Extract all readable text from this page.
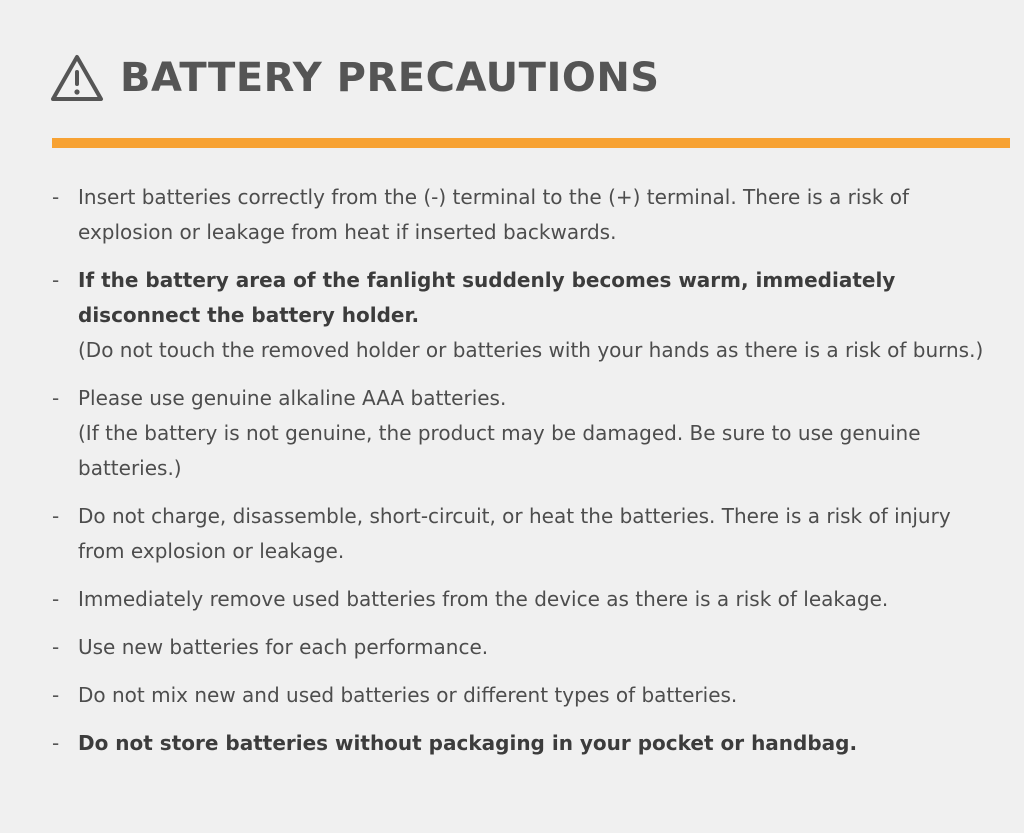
BATTERY PRECAUTIONS
- Insert batteries correctly from the (-) terminal to the (+) terminal. There is a risk of explosion or leakage from heat if inserted backwards.
- If the battery area of the fanlight suddenly becomes warm, immediately disconnect the battery holder.
(Do not touch the removed holder or batteries with your hands as there is a risk of burns.)
- Please use genuine alkaline AAA batteries.
(If the battery is not genuine, the product may be damaged. Be sure to use genuine batteries.)
- Do not charge, disassemble, short-circuit, or heat the batteries. There is a risk of injury from explosion or leakage.
- Immediately remove used batteries from the device as there is a risk of leakage.
- Use new batteries for each performance.
- Do not mix new and used batteries or different types of batteries.
- Do not store batteries without packaging in your pocket or handbag.
